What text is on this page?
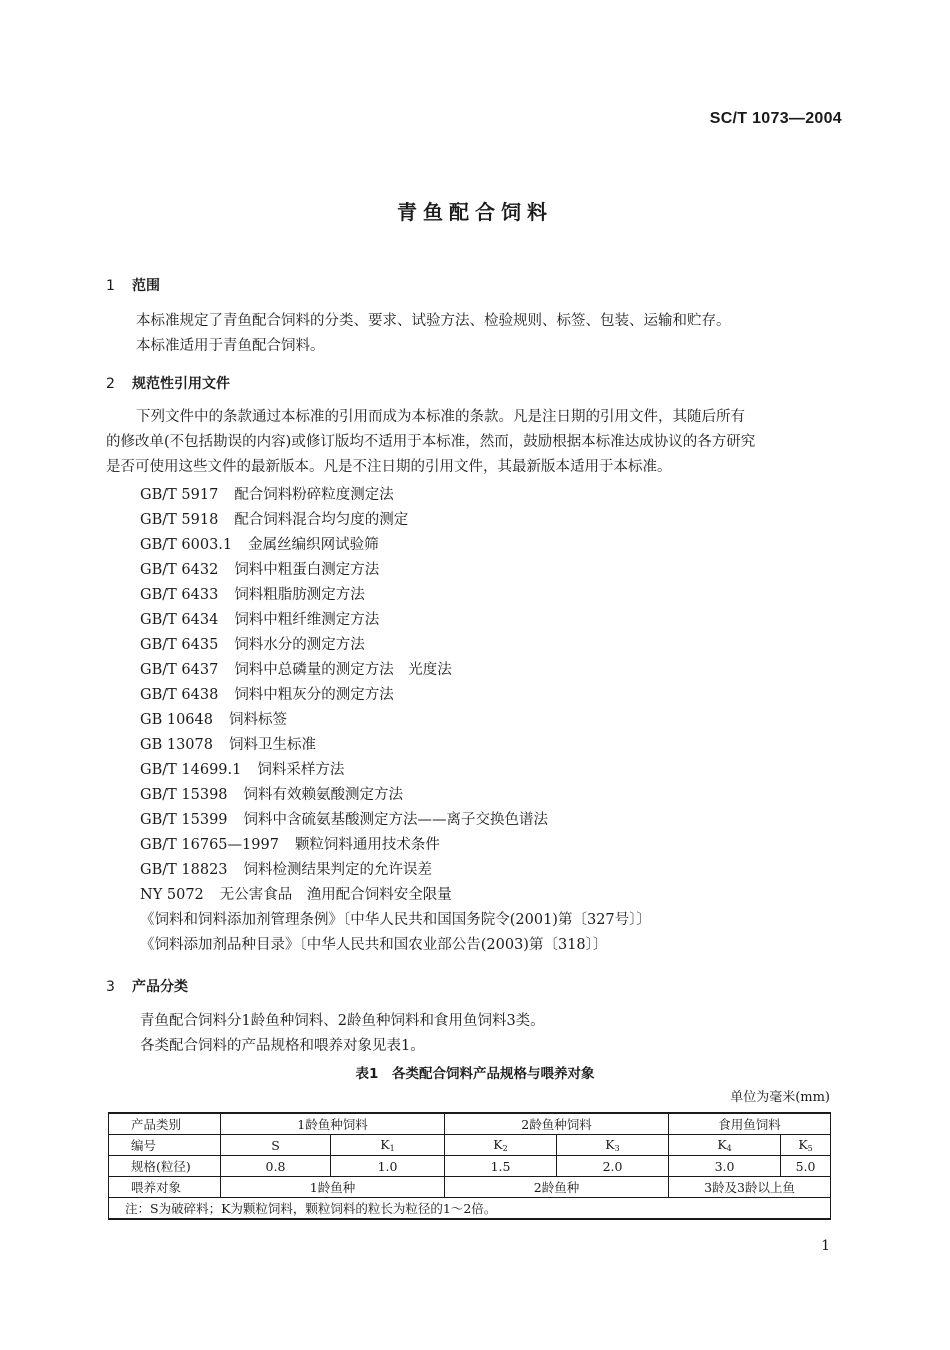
SC/T 1073—2004
青鱼配合饲料
1 范围
本标准规定了青鱼配合饲料的分类、要求、试验方法、检验规则、标签、包装、运输和贮存。
本标准适用于青鱼配合饲料。
2 规范性引用文件
下列文件中的条款通过本标准的引用而成为本标准的条款。凡是注日期的引用文件，其随后所有
的修改单(不包括勘误的内容)或修订版均不适用于本标准，然而，鼓励根据本标准达成协议的各方研究
是否可使用这些文件的最新版本。凡是不注日期的引用文件，其最新版本适用于本标准。
GB/T 5917 配合饲料粉碎粒度测定法
GB/T 5918 配合饲料混合均匀度的测定
GB/T 6003.1 金属丝编织网试验筛
GB/T 6432 饲料中粗蛋白测定方法
GB/T 6433 饲料粗脂肪测定方法
GB/T 6434 饲料中粗纤维测定方法
GB/T 6435 饲料水分的测定方法
GB/T 6437 饲料中总磷量的测定方法　光度法
GB/T 6438 饲料中粗灰分的测定方法
GB 10648 饲料标签
GB 13078 饲料卫生标准
GB/T 14699.1 饲料采样方法
GB/T 15398 饲料有效赖氨酸测定方法
GB/T 15399 饲料中含硫氨基酸测定方法——离子交换色谱法
GB/T 16765—1997 颗粒饲料通用技术条件
GB/T 18823 饲料检测结果判定的允许误差
NY 5072 无公害食品　渔用配合饲料安全限量
《饲料和饲料添加剂管理条例》〔中华人民共和国国务院令(2001)第〔327号〕〕
《饲料添加剂品种目录》〔中华人民共和国农业部公告(2003)第〔318〕〕
3 产品分类
青鱼配合饲料分1龄鱼种饲料、2龄鱼种饲料和食用鱼饲料3类。
各类配合饲料的产品规格和喂养对象见表1。
表1　各类配合饲料产品规格与喂养对象
单位为毫米(mm)
产品类别	1龄鱼种饲料		2龄鱼种饲料		食用鱼饲料	
编号	S	$K_1$	$K_2$	$K_3$	$K_4$	$K_5$
规格(粒径)	0.8	1.0	1.5	2.0	3.0	5.0
喂养对象	1龄鱼种		2龄鱼种		3龄及3龄以上鱼	
注：S为破碎料；K为颗粒饲料，颗粒饲料的粒长为粒径的1～2倍。						
1
